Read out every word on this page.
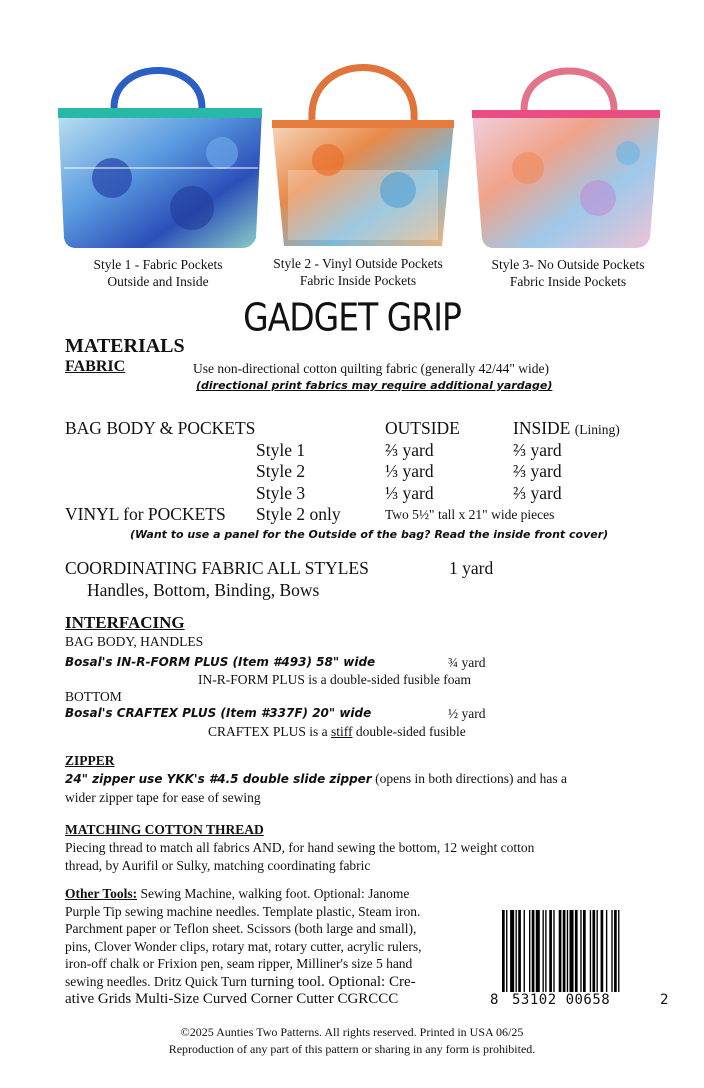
Style 1 - Fabric Pockets
Outside and Inside
Style 2 - Vinyl Outside Pockets
Fabric Inside Pockets
Style 3- No Outside Pockets
Fabric Inside Pockets
GADGET GRIP
MATERIALS
FABRIC	Use non-directional cotton quilting fabric (generally 42/44" wide)
(directional print fabrics may require additional yardage)
BAG BODY & POCKETS	OUTSIDE	INSIDE (Lining)
Style 1	⅔ yard	⅔ yard
Style 2	⅓ yard	⅔ yard
Style 3	⅓ yard	⅔ yard
VINYL for POCKETS Style 2 only	Two 5½" tall x 21" wide pieces
(Want to use a panel for the Outside of the bag? Read the inside front cover)
COORDINATING FABRIC ALL STYLES	1 yard
Handles, Bottom, Binding, Bows
INTERFACING
BAG BODY, HANDLES
Bosal's IN-R-FORM PLUS (Item #493) 58" wide	¾ yard
IN-R-FORM PLUS is a double-sided fusible foam
BOTTOM
Bosal's CRAFTEX PLUS (Item #337F) 20" wide	½ yard
CRAFTEX PLUS is a stiff double-sided fusible
ZIPPER
24" zipper use YKK's #4.5 double slide zipper (opens in both directions) and has a
wider zipper tape for ease of sewing
MATCHING COTTON THREAD
Piecing thread to match all fabrics AND, for hand sewing the bottom, 12 weight cotton
thread, by Aurifil or Sulky, matching coordinating fabric
Other Tools: Sewing Machine, walking foot. Optional: Janome
Purple Tip sewing machine needles. Template plastic, Steam iron.
Parchment paper or Teflon sheet. Scissors (both large and small),
pins, Clover Wonder clips, rotary mat, rotary cutter, acrylic rulers,
iron-off chalk or Frixion pen, seam ripper, Milliner's size 5 hand
sewing needles. Dritz Quick Turn turning tool. Optional: Cre-
ative Grids Multi-Size Curved Corner Cutter CGRCCC	8 53102 00658	2
©2025 Aunties Two Patterns. All rights reserved. Printed in USA 06/25
Reproduction of any part of this pattern or sharing in any form is prohibited.
